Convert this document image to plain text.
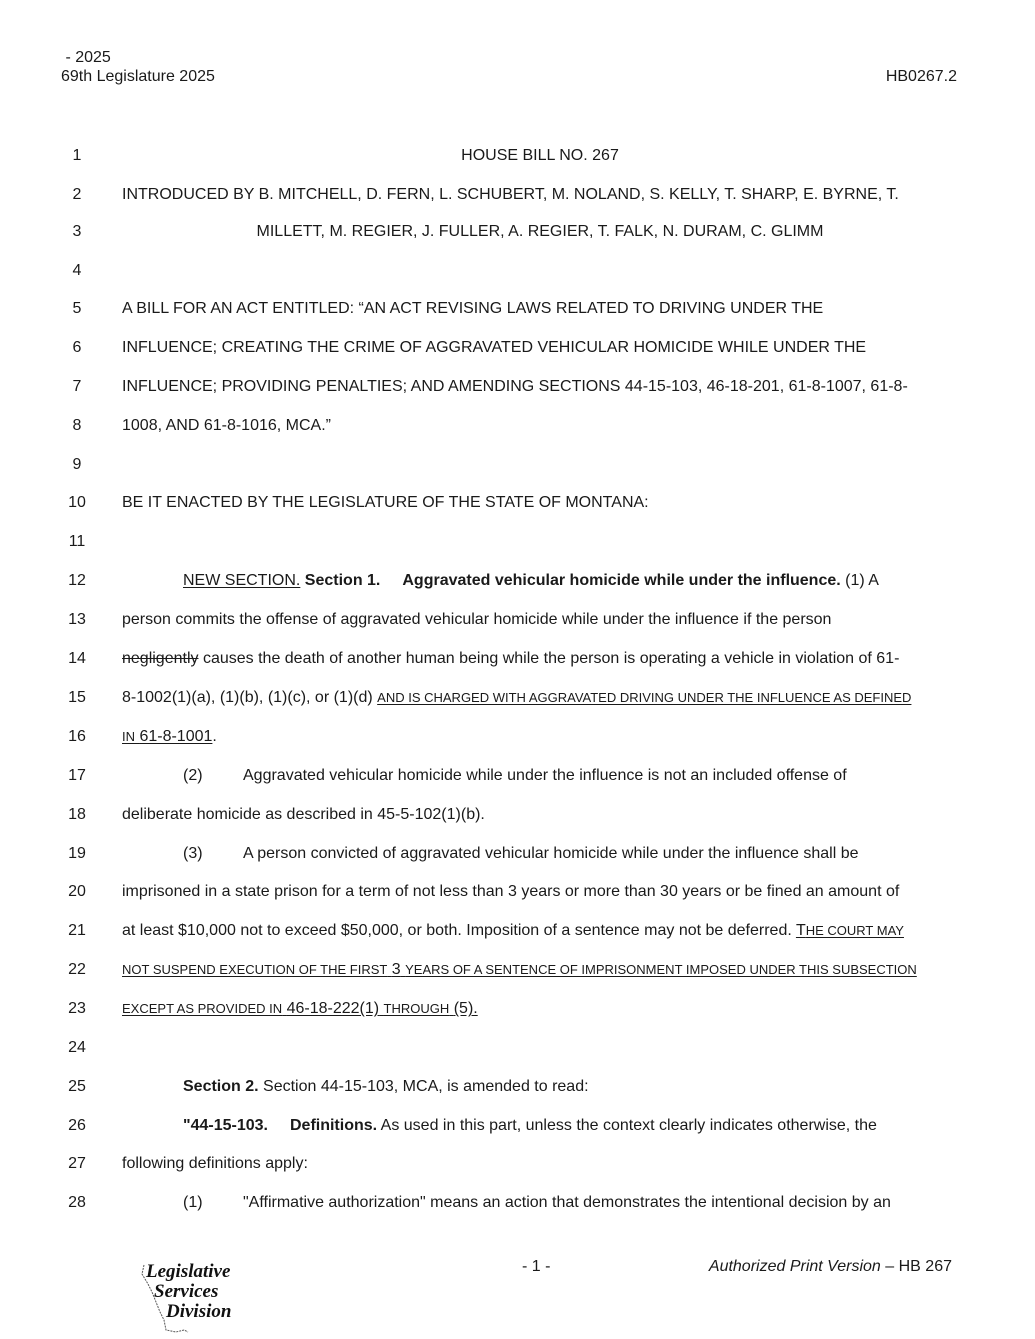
- 2025
69th Legislature 2025	HB0267.2
1	HOUSE BILL NO. 267
2	INTRODUCED BY B. MITCHELL, D. FERN, L. SCHUBERT, M. NOLAND, S. KELLY, T. SHARP, E. BYRNE, T.
3	MILLETT, M. REGIER, J. FULLER, A. REGIER, T. FALK, N. DURAM, C. GLIMM
4
5	A BILL FOR AN ACT ENTITLED: “AN ACT REVISING LAWS RELATED TO DRIVING UNDER THE
6	INFLUENCE; CREATING THE CRIME OF AGGRAVATED VEHICULAR HOMICIDE WHILE UNDER THE
7	INFLUENCE; PROVIDING PENALTIES; AND AMENDING SECTIONS 44-15-103, 46-18-201, 61-8-1007, 61-8-
8	1008, AND 61-8-1016, MCA.”
9
10	BE IT ENACTED BY THE LEGISLATURE OF THE STATE OF MONTANA:
11
12	NEW SECTION. Section 1. Aggravated vehicular homicide while under the influence. (1) A
13	person commits the offense of aggravated vehicular homicide while under the influence if the person
14	negligently causes the death of another human being while the person is operating a vehicle in violation of 61-
15	8-1002(1)(a), (1)(b), (1)(c), or (1)(d) AND IS CHARGED WITH AGGRAVATED DRIVING UNDER THE INFLUENCE AS DEFINED
16	IN 61-8-1001.
17	(2)	Aggravated vehicular homicide while under the influence is not an included offense of
18	deliberate homicide as described in 45-5-102(1)(b).
19	(3)	A person convicted of aggravated vehicular homicide while under the influence shall be
20	imprisoned in a state prison for a term of not less than 3 years or more than 30 years or be fined an amount of
21	at least $10,000 not to exceed $50,000, or both. Imposition of a sentence may not be deferred. THE COURT MAY
22	NOT SUSPEND EXECUTION OF THE FIRST 3 YEARS OF A SENTENCE OF IMPRISONMENT IMPOSED UNDER THIS SUBSECTION
23	EXCEPT AS PROVIDED IN 46-18-222(1) THROUGH (5).
24
25	Section 2. Section 44-15-103, MCA, is amended to read:
26	"44-15-103. Definitions. As used in this part, unless the context clearly indicates otherwise, the
27	following definitions apply:
28	(1)	"Affirmative authorization" means an action that demonstrates the intentional decision by an
Legislative
Services
Division
- 1 -	Authorized Print Version – HB 267
